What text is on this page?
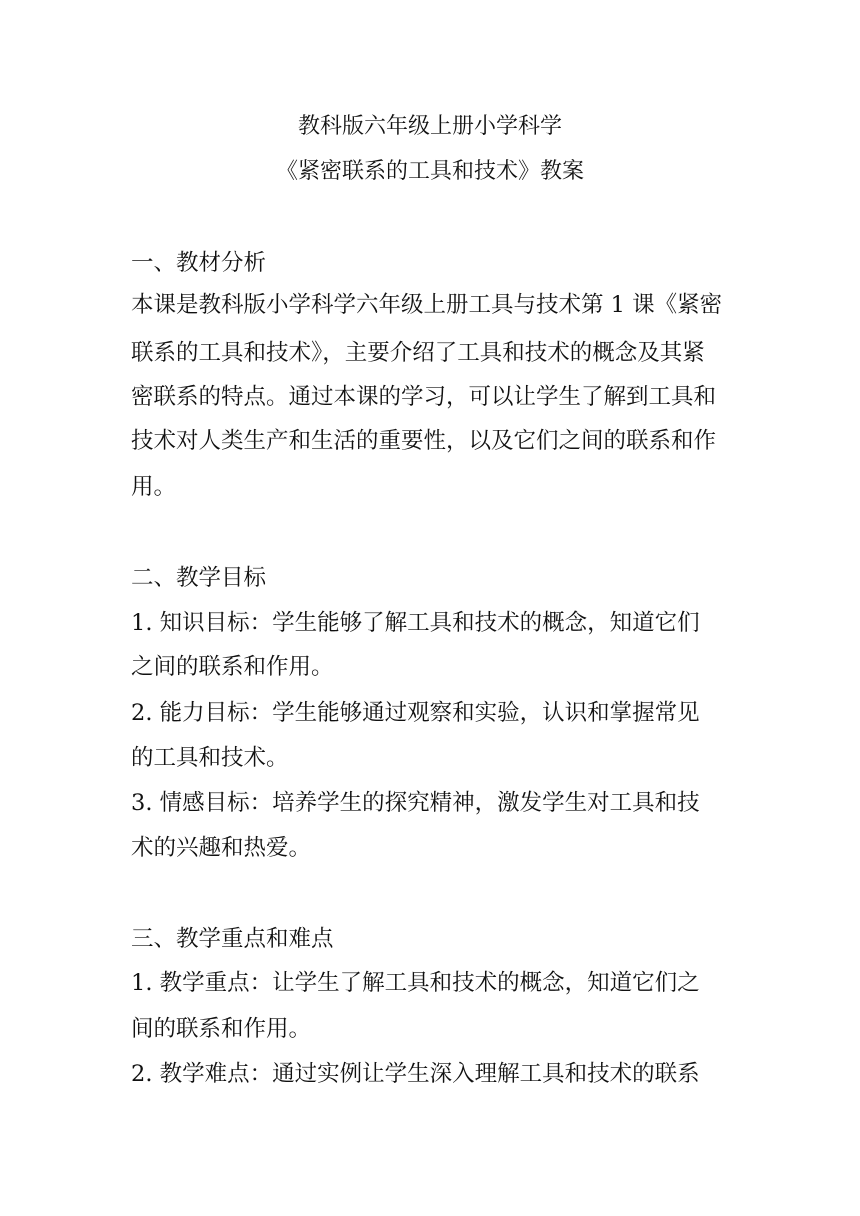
教科版六年级上册小学科学
《紧密联系的工具和技术》教案
一、教材分析
本课是教科版小学科学六年级上册工具与技术第 1 课《紧密
联系的工具和技术》，主要介绍了工具和技术的概念及其紧
密联系的特点。通过本课的学习，可以让学生了解到工具和
技术对人类生产和生活的重要性，以及它们之间的联系和作
用。
二、教学目标
1. 知识目标：学生能够了解工具和技术的概念，知道它们
之间的联系和作用。
2. 能力目标：学生能够通过观察和实验，认识和掌握常见
的工具和技术。
3. 情感目标：培养学生的探究精神，激发学生对工具和技
术的兴趣和热爱。
三、教学重点和难点
1. 教学重点：让学生了解工具和技术的概念，知道它们之
间的联系和作用。
2. 教学难点：通过实例让学生深入理解工具和技术的联系
